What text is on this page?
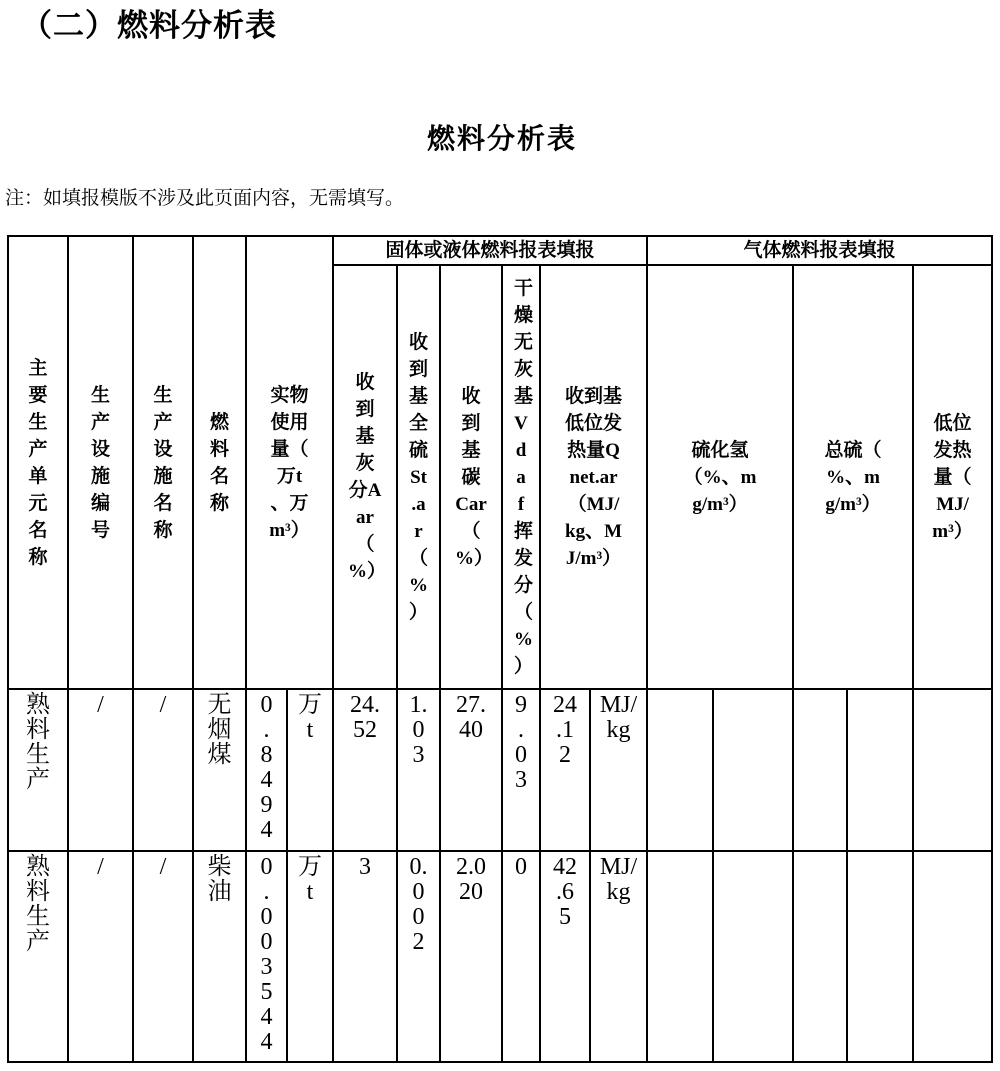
（二）燃料分析表
燃料分析表
注：如填报模版不涉及此页面内容，无需填写。
主要生产单元名称	生产设施编号	生产设施名称	燃料名称	实物使用量（万t、万m³）		固体或液体燃料报表填报						气体燃料报表填报				
						收到基灰分Aar（%）	收到基全硫St.ar（%）	收到基碳Car（%）	干燥无灰基Vdaf挥发分（%）	收到基低位发热量Qnet.ar（MJ/kg、MJ/m³）		硫化氢（%、mg/m³）		总硫（%、mg/m³）		低位发热量（MJ/m³）
熟料生产	/	/	无烟煤	0.8494	万t	24.52	1.03	27.40	9.03	24.12	MJ/kg					
熟料生产	/	/	柴油	0.003544	万t	3	0.002	2.020	0	42.65	MJ/kg					
